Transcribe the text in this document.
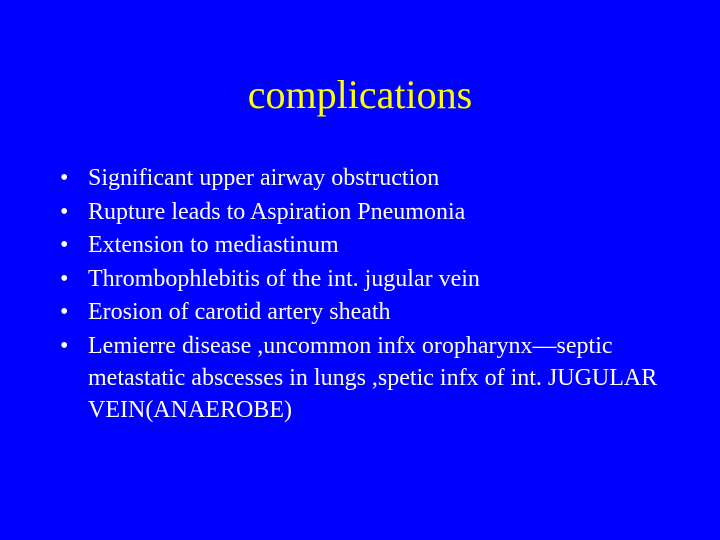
complications
• Significant upper airway obstruction
• Rupture leads to Aspiration Pneumonia
• Extension to mediastinum
• Thrombophlebitis of the int. jugular vein
• Erosion of carotid artery sheath
• Lemierre disease ,uncommon infx oropharynx—septic metastatic abscesses in lungs ,spetic infx of int. JUGULAR VEIN(ANAEROBE)
